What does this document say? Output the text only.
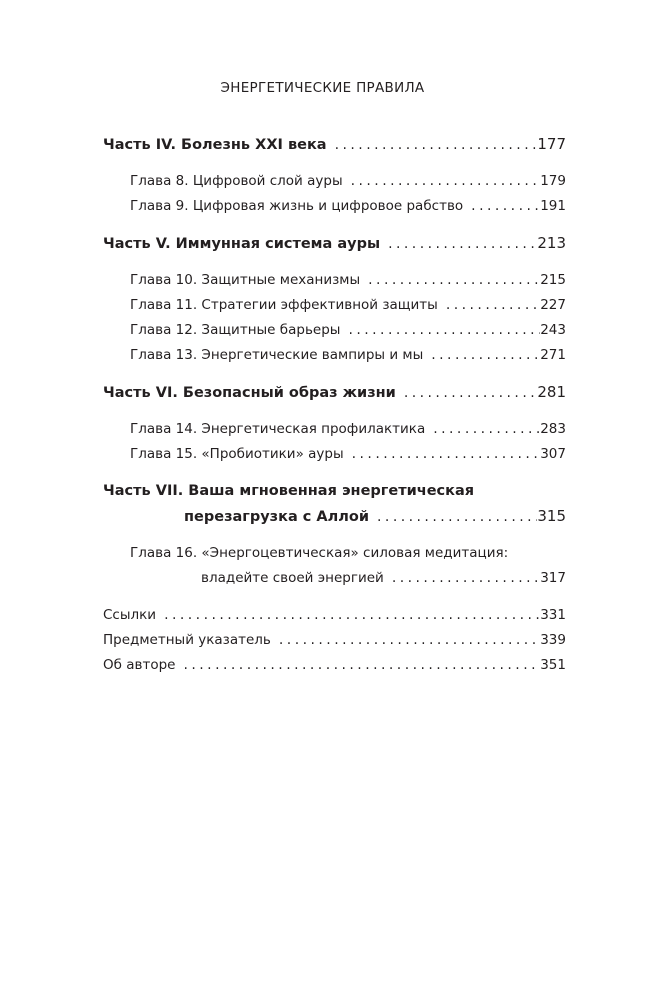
ЭНЕРГЕТИЧЕСКИЕ ПРАВИЛА
Часть IV. Болезнь XXI века . . .	177
Глава 8. Цифровой слой ауры . . .	179
Глава 9. Цифровая жизнь и цифровое рабство . . .	191
Часть V. Иммунная система ауры . . .	213
Глава 10. Защитные механизмы . . .	215
Глава 11. Стратегии эффективной защиты . . .	227
Глава 12. Защитные барьеры . . .	243
Глава 13. Энергетические вампиры и мы . . .	271
Часть VI. Безопасный образ жизни . . .	281
Глава 14. Энергетическая профилактика . . .	283
Глава 15. «Пробиотики» ауры . . .	307
Часть VII. Ваша мгновенная энергетическая
перезагрузка с Аллой . . .	315
Глава 16. «Энергоцевтическая» силовая медитация:
владейте своей энергией . . .	317
Ссылки . . .	331
Предметный указатель . . .	339
Об авторе . . .	351
